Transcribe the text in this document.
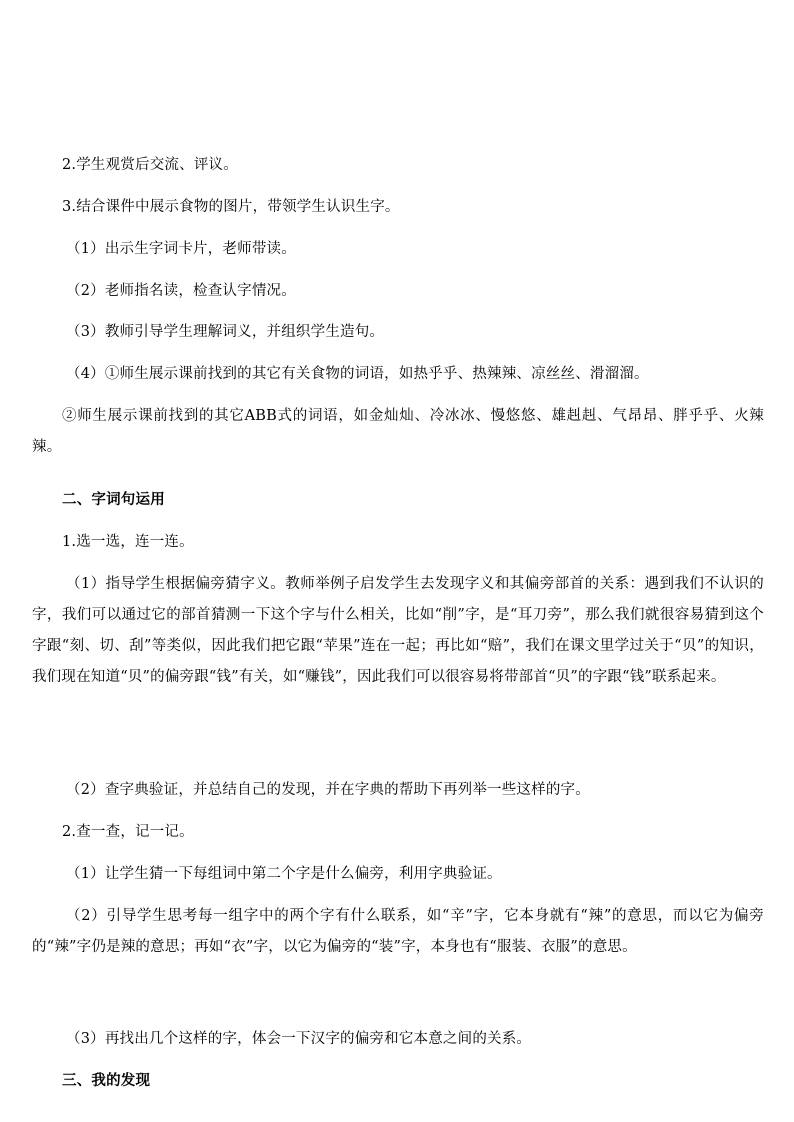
2.学生观赏后交流、评议。
3.结合课件中展示食物的图片，带领学生认识生字。
（1）出示生字词卡片，老师带读。
（2）老师指名读，检查认字情况。
（3）教师引导学生理解词义，并组织学生造句。
（4）①师生展示课前找到的其它有关食物的词语，如热乎乎、热辣辣、凉丝丝、滑溜溜。
②师生展示课前找到的其它ABB式的词语，如金灿灿、冷冰冰、慢悠悠、雄赳赳、气昂昂、胖乎乎、火辣辣。
二、字词句运用
1.选一选，连一连。
（1）指导学生根据偏旁猜字义。教师举例子启发学生去发现字义和其偏旁部首的关系：遇到我们不认识的字，我们可以通过它的部首猜测一下这个字与什么相关，比如“削”字，是“耳刀旁”，那么我们就很容易猜到这个字跟“刻、切、刮”等类似，因此我们把它跟“苹果”连在一起；再比如“赔”，我们在课文里学过关于“贝”的知识，我们现在知道“贝”的偏旁跟“钱”有关，如“赚钱”，因此我们可以很容易将带部首“贝”的字跟“钱”联系起来。
（2）查字典验证，并总结自己的发现，并在字典的帮助下再列举一些这样的字。
2.查一查，记一记。
（1）让学生猜一下每组词中第二个字是什么偏旁，利用字典验证。
（2）引导学生思考每一组字中的两个字有什么联系，如“辛”字，它本身就有“辣”的意思，而以它为偏旁的“辣”字仍是辣的意思；再如“衣”字，以它为偏旁的“装”字，本身也有“服装、衣服”的意思。
（3）再找出几个这样的字，体会一下汉字的偏旁和它本意之间的关系。
三、我的发现
